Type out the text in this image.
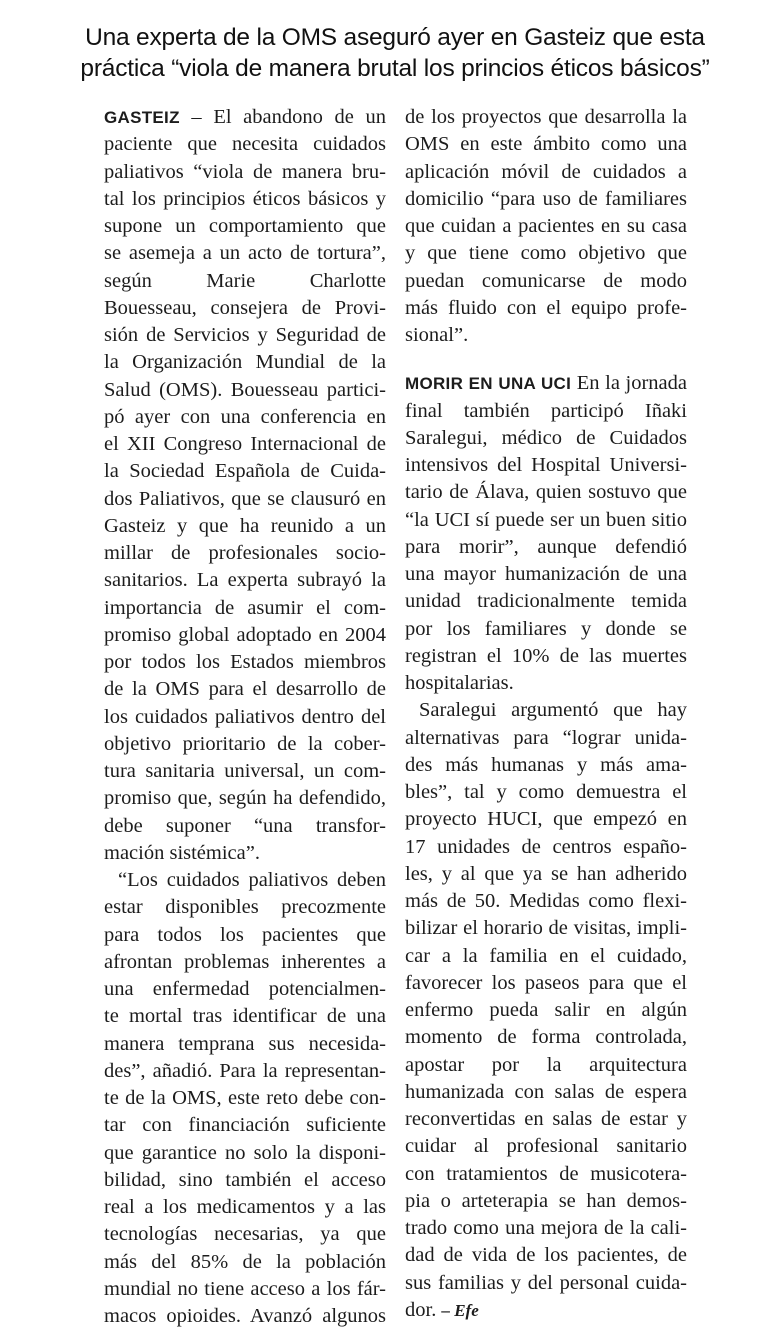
Una experta de la OMS aseguró ayer en Gasteiz que esta
práctica “viola de manera brutal los princios éticos básicos”
GASTEIZ – El abandono de un
paciente que necesita cuidados
paliativos “viola de manera bru-
tal los principios éticos básicos y
supone un comportamiento que
se asemeja a un acto de tortura”,
según Marie Charlotte
Bouesseau, consejera de Provi-
sión de Servicios y Seguridad de
la Organización Mundial de la
Salud (OMS). Bouesseau partici-
pó ayer con una conferencia en
el XII Congreso Internacional de
la Sociedad Española de Cuida-
dos Paliativos, que se clausuró en
Gasteiz y que ha reunido a un
millar de profesionales socio-
sanitarios. La experta subrayó la
importancia de asumir el com-
promiso global adoptado en 2004
por todos los Estados miembros
de la OMS para el desarrollo de
los cuidados paliativos dentro del
objetivo prioritario de la cober-
tura sanitaria universal, un com-
promiso que, según ha defendido,
debe suponer “una transfor-
mación sistémica”.
“Los cuidados paliativos deben
estar disponibles precozmente
para todos los pacientes que
afrontan problemas inherentes a
una enfermedad potencialmen-
te mortal tras identificar de una
manera temprana sus necesida-
des”, añadió. Para la representan-
te de la OMS, este reto debe con-
tar con financiación suficiente
que garantice no solo la disponi-
bilidad, sino también el acceso
real a los medicamentos y a las
tecnologías necesarias, ya que
más del 85% de la población
mundial no tiene acceso a los fár-
macos opioides. Avanzó algunos
de los proyectos que desarrolla la
OMS en este ámbito como una
aplicación móvil de cuidados a
domicilio “para uso de familiares
que cuidan a pacientes en su casa
y que tiene como objetivo que
puedan comunicarse de modo
más fluido con el equipo profe-
sional”.
MORIR EN UNA UCI En la jornada
final también participó Iñaki
Saralegui, médico de Cuidados
intensivos del Hospital Universi-
tario de Álava, quien sostuvo que
“la UCI sí puede ser un buen sitio
para morir”, aunque defendió
una mayor humanización de una
unidad tradicionalmente temida
por los familiares y donde se
registran el 10% de las muertes
hospitalarias.
Saralegui argumentó que hay
alternativas para “lograr unida-
des más humanas y más ama-
bles”, tal y como demuestra el
proyecto HUCI, que empezó en
17 unidades de centros españo-
les, y al que ya se han adherido
más de 50. Medidas como flexi-
bilizar el horario de visitas, impli-
car a la familia en el cuidado,
favorecer los paseos para que el
enfermo pueda salir en algún
momento de forma controlada,
apostar por la arquitectura
humanizada con salas de espera
reconvertidas en salas de estar y
cuidar al profesional sanitario
con tratamientos de musicotera-
pia o arteterapia se han demos-
trado como una mejora de la cali-
dad de vida de los pacientes, de
sus familias y del personal cuida-
dor. – Efe
